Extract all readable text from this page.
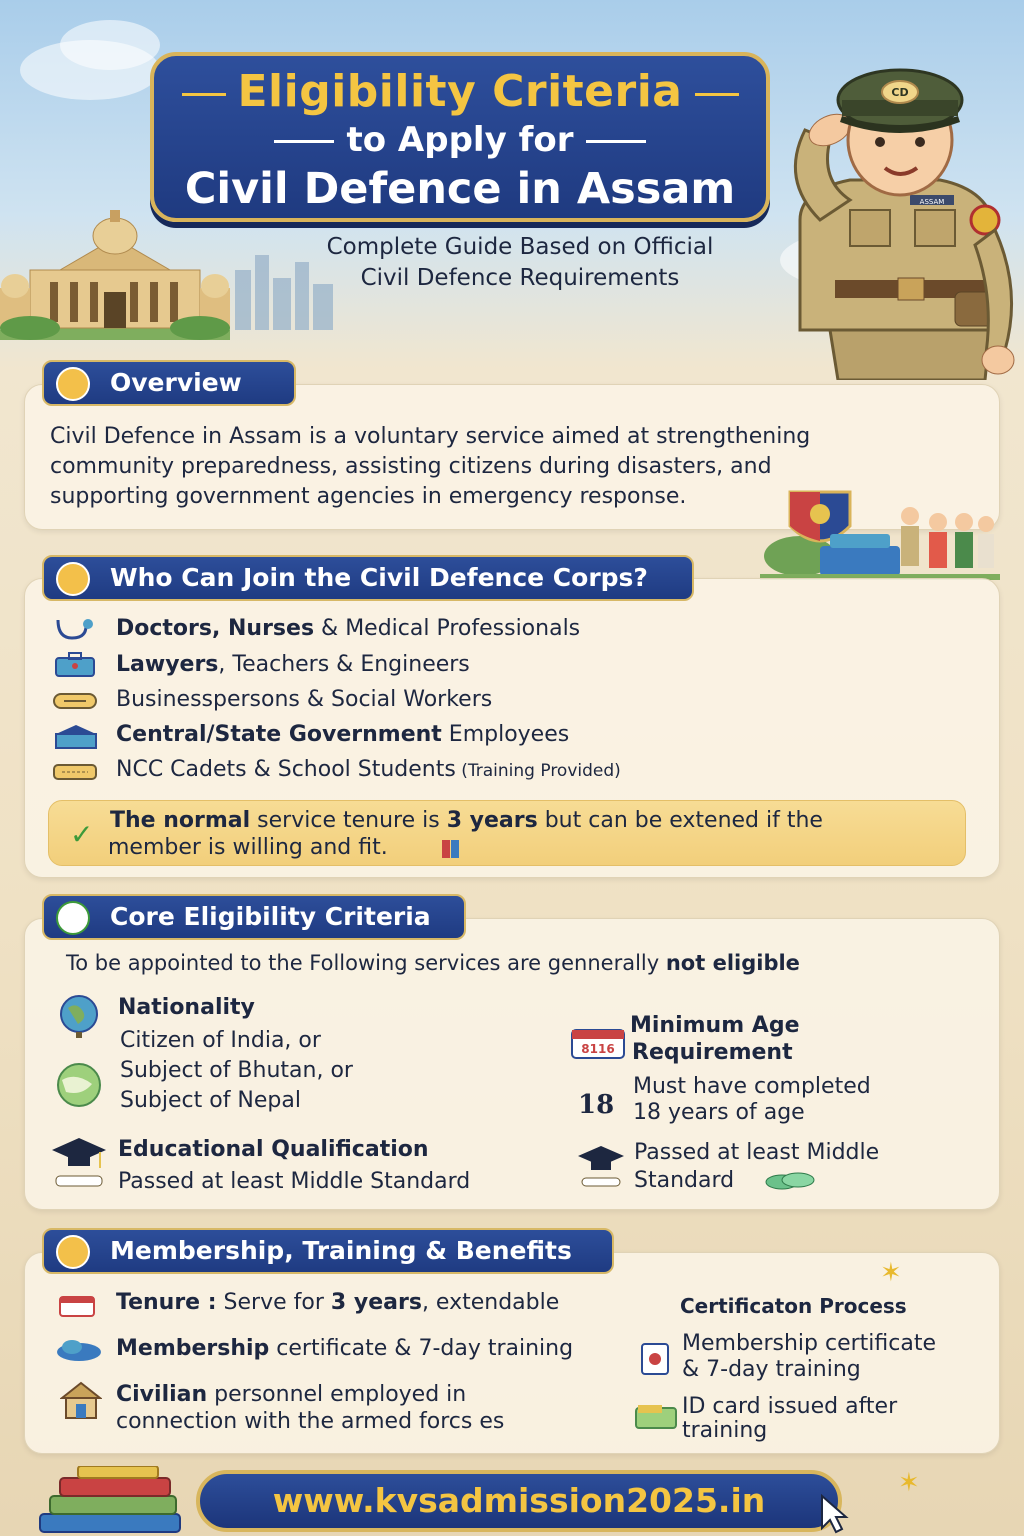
Eligibility Criteria
to Apply for
Civil Defence in Assam
Complete Guide Based on Official
Civil Defence Requirements
ASSAM
CD
Overview
Civil Defence in Assam is a voluntary service aimed at strengthening
community preparedness, assisting citizens during disasters, and
supporting government agencies in emergency response.
Who Can Join the Civil Defence Corps?
Doctors, Nurses & Medical Professionals
Lawyers, Teachers & Engineers
Businesspersons & Social Workers
Central/State Government Employees
NCC Cadets & School Students (Training Provided)
✓ The normal service tenure is 3 years but can be extened if the
member is willing and fit.
Core Eligibility Criteria
To be appointed to the Following services are gennerally not eligible
Nationality
Citizen of India, or
Subject of Bhutan, or
Subject of Nepal
8116
Minimum Age
Requirement
18
Must have completed
18 years of age
Educational Qualification
Passed at least Middle Standard
Passed at least Middle
Standard
Membership, Training & Benefits
Tenure : Serve for 3 years, extendable
Membership certificate & 7-day training
Civilian personnel employed in
connection with the armed forcs es
Certificaton Process
Membership certificate
& 7-day training
ID card issued after
training
✶
✶
www.kvsadmission2025.in
